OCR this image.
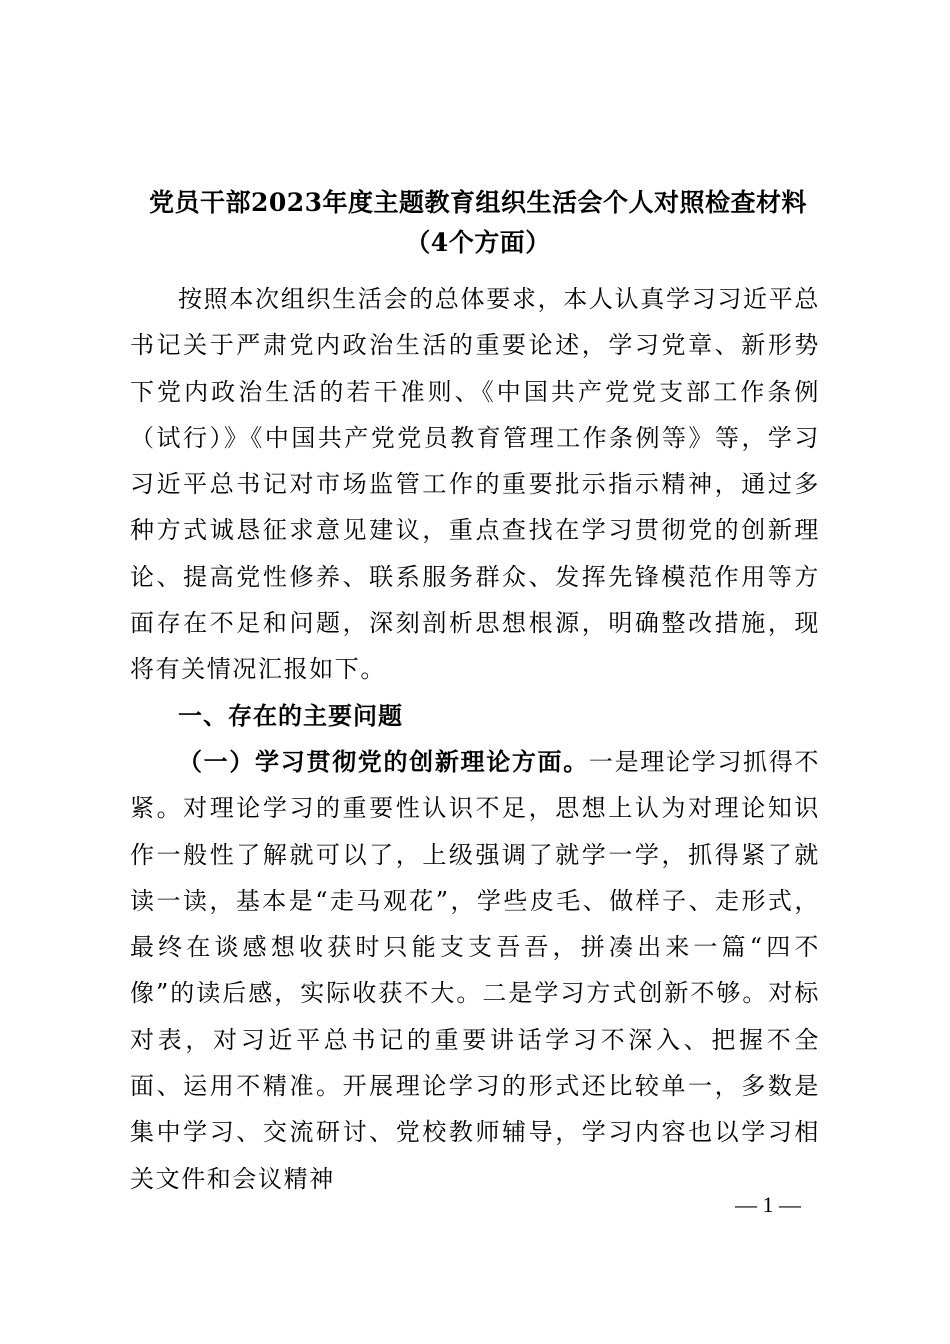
党员干部2023年度主题教育组织生活会个人对照检查材料（4个方面）

按照本次组织生活会的总体要求，本人认真学习习近平总书记关于严肃党内政治生活的重要论述，学习党章、新形势下党内政治生活的若干准则、《中国共产党党支部工作条例（试行）》《中国共产党党员教育管理工作条例等》等，学习习近平总书记对市场监管工作的重要批示指示精神，通过多种方式诚恳征求意见建议，重点查找在学习贯彻党的创新理论、提高党性修养、联系服务群众、发挥先锋模范作用等方面存在不足和问题，深刻剖析思想根源，明确整改措施，现将有关情况汇报如下。

一、存在的主要问题

（一）学习贯彻党的创新理论方面。一是理论学习抓得不紧。对理论学习的重要性认识不足，思想上认为对理论知识作一般性了解就可以了，上级强调了就学一学，抓得紧了就读一读，基本是“走马观花”，学些皮毛、做样子、走形式，最终在谈感想收获时只能支支吾吾，拼凑出来一篇“四不像”的读后感，实际收获不大。二是学习方式创新不够。对标对表，对习近平总书记的重要讲话学习不深入、把握不全面、运用不精准。开展理论学习的形式还比较单一，多数是集中学习、交流研讨、党校教师辅导，学习内容也以学习相关文件和会议精神

— 1 —
